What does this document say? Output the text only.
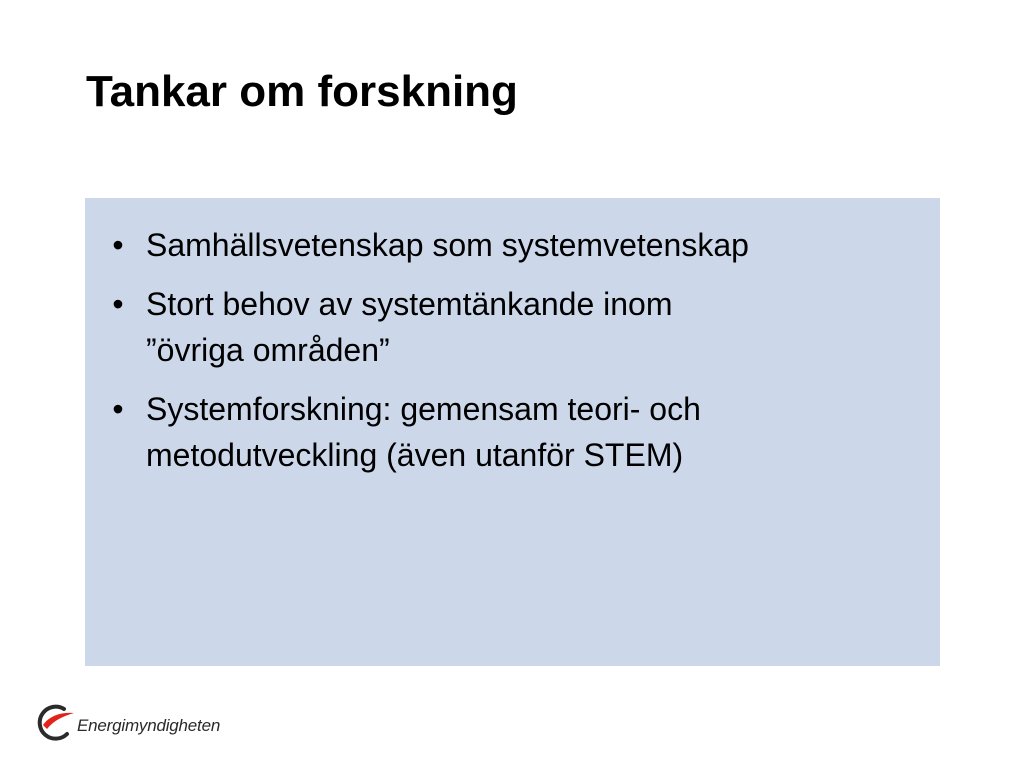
Tankar om forskning
• Samhällsvetenskap som systemvetenskap
• Stort behov av systemtänkande inom
”övriga områden”
• Systemforskning: gemensam teori- och
metodutveckling (även utanför STEM)
Energimyndigheten
